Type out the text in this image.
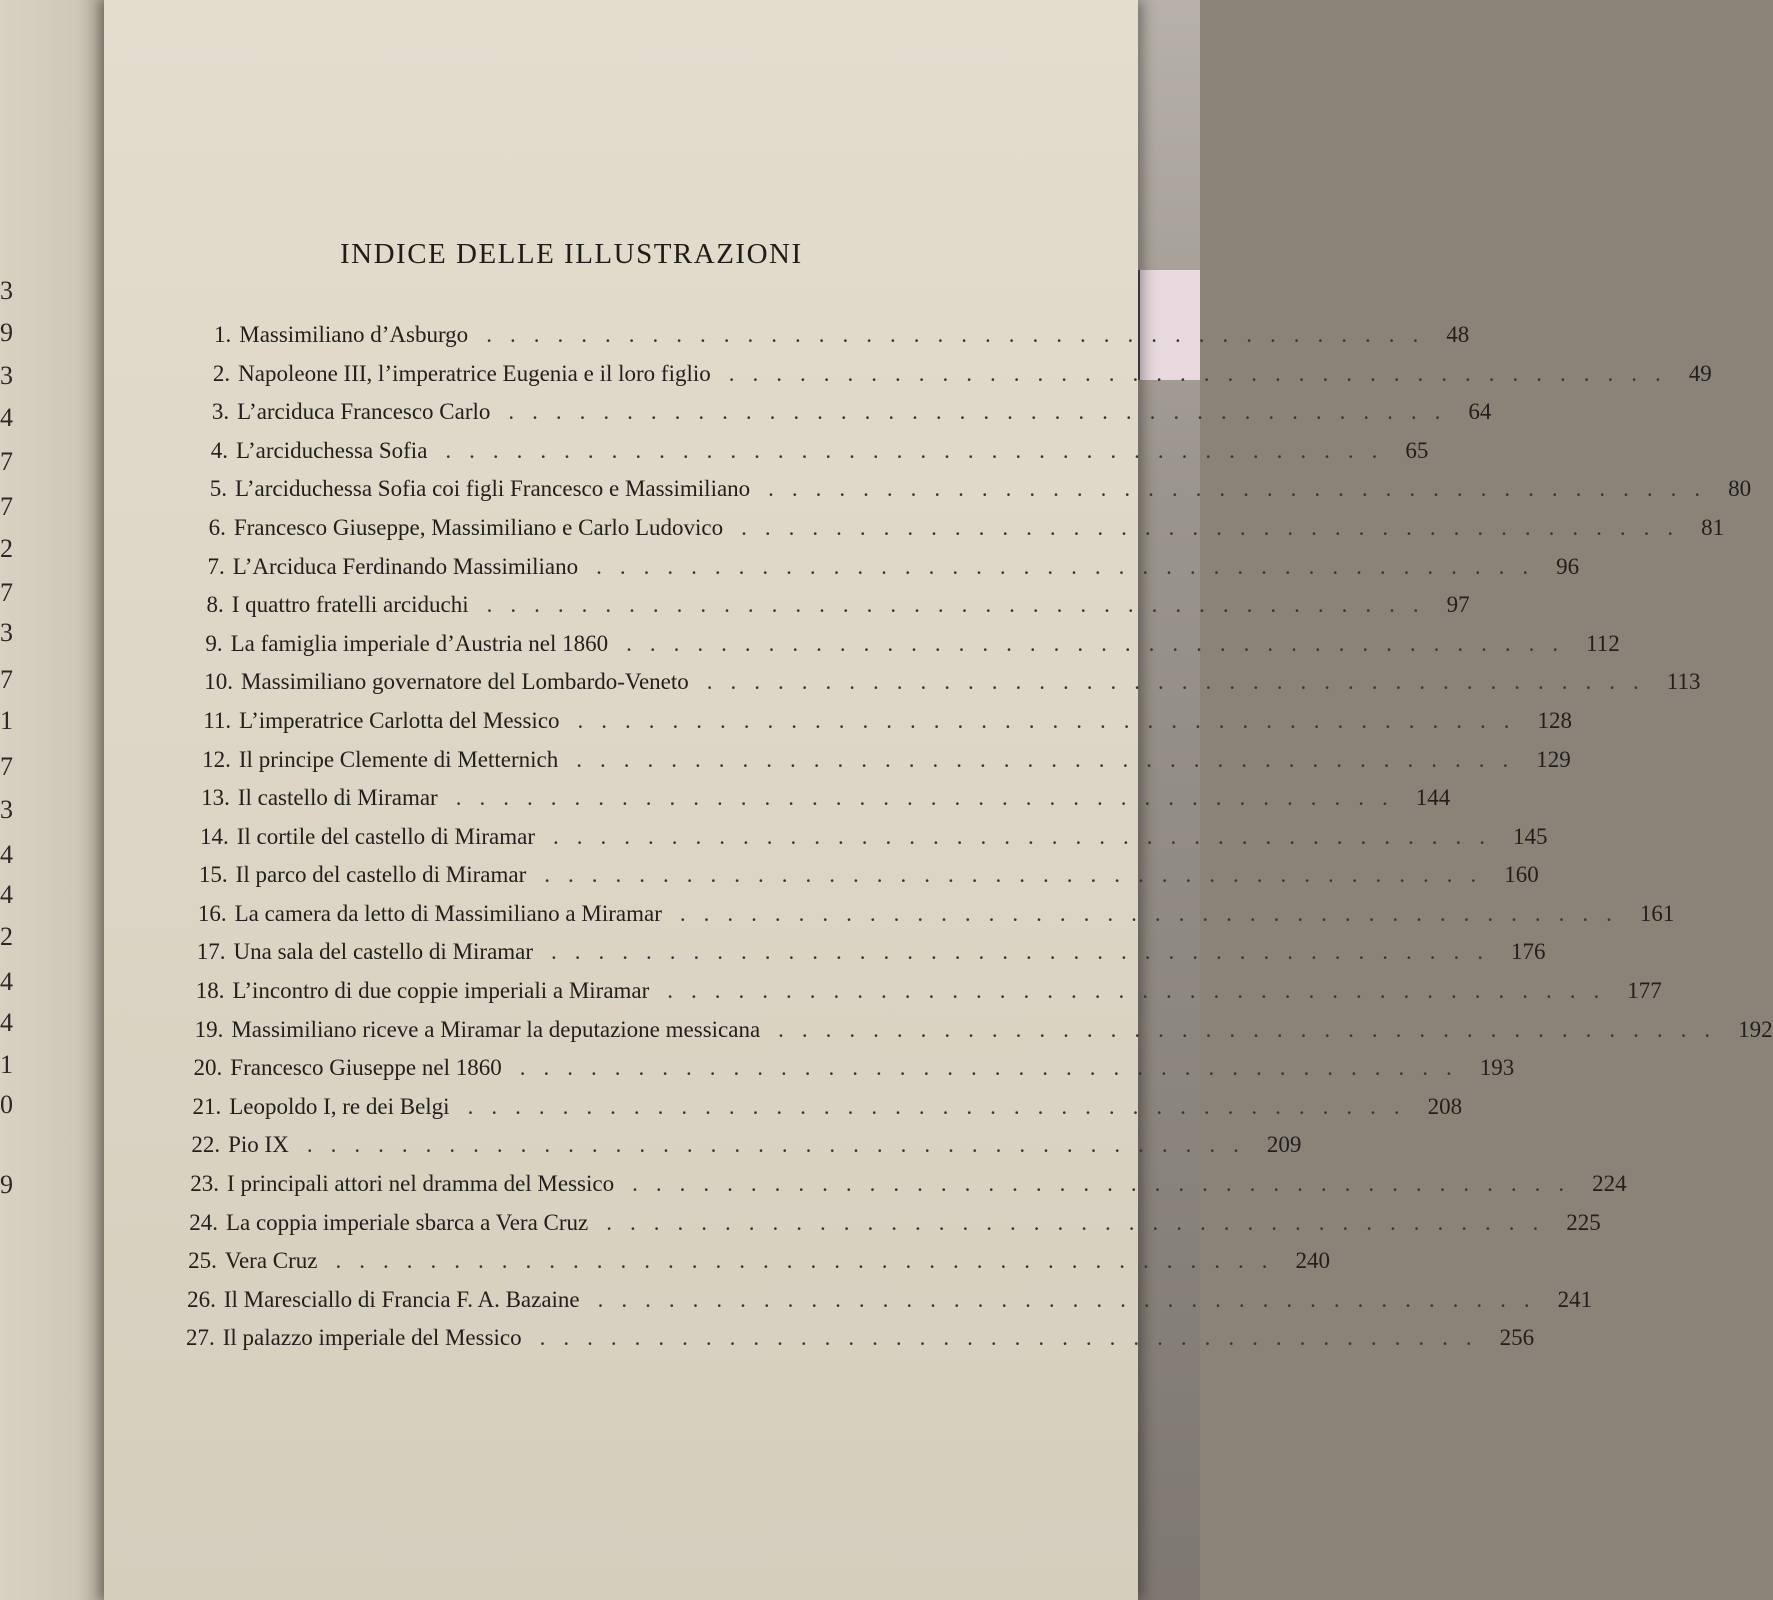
3
9
3
4
7
7
2
7
3
7
1
7
3
4
4
2
4
4
1
0
9
INDICE DELLE ILLUSTRAZIONI
1. Massimiliano d’Asburgo ........................................ 48
2. Napoleone III, l’imperatrice Eugenia e il loro figlio ........................................ 49
3. L’arciduca Francesco Carlo ........................................ 64
4. L’arciduchessa Sofia ........................................ 65
5. L’arciduchessa Sofia coi figli Francesco e Massimiliano ........................................ 80
6. Francesco Giuseppe, Massimiliano e Carlo Ludovico ........................................ 81
7. L’Arciduca Ferdinando Massimiliano ........................................ 96
8. I quattro fratelli arciduchi ........................................ 97
9. La famiglia imperiale d’Austria nel 1860 ........................................ 112
10. Massimiliano governatore del Lombardo-Veneto ........................................ 113
11. L’imperatrice Carlotta del Messico ........................................ 128
12. Il principe Clemente di Metternich ........................................ 129
13. Il castello di Miramar ........................................ 144
14. Il cortile del castello di Miramar ........................................ 145
15. Il parco del castello di Miramar ........................................ 160
16. La camera da letto di Massimiliano a Miramar ........................................ 161
17. Una sala del castello di Miramar ........................................ 176
18. L’incontro di due coppie imperiali a Miramar ........................................ 177
19. Massimiliano riceve a Miramar la deputazione messicana ........................................ 192
20. Francesco Giuseppe nel 1860 ........................................ 193
21. Leopoldo I, re dei Belgi ........................................ 208
22. Pio IX ........................................ 209
23. I principali attori nel dramma del Messico ........................................ 224
24. La coppia imperiale sbarca a Vera Cruz ........................................ 225
25. Vera Cruz ........................................ 240
26. Il Maresciallo di Francia F. A. Bazaine ........................................ 241
27. Il palazzo imperiale del Messico ........................................ 256
